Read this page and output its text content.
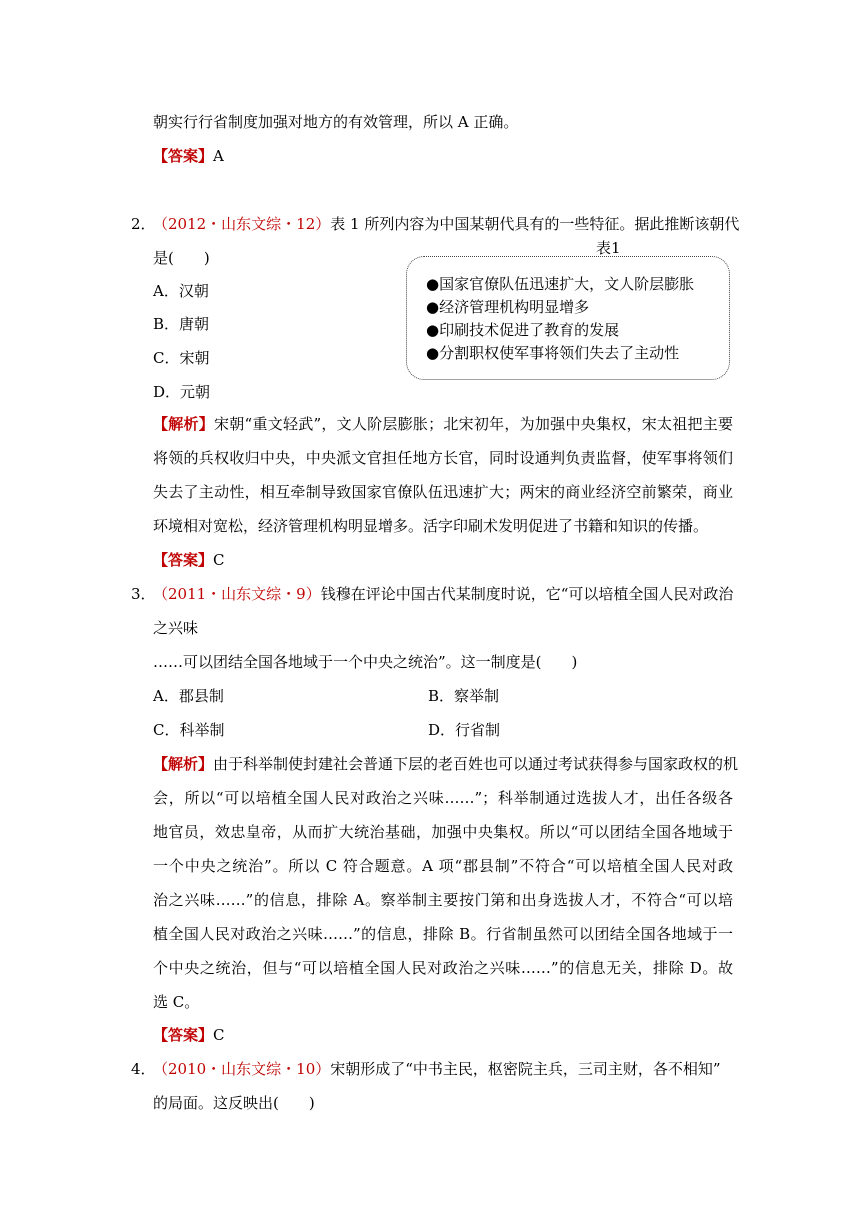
朝实行行省制度加强对地方的有效管理，所以 A 正确。
【答案】A
2．
（2012・山东文综・12）表 1 所列内容为中国某朝代具有的一些特征。据此推断该朝代
表1
是(　　)
A．汉朝
B．唐朝
C．宋朝
D．元朝
●国家官僚队伍迅速扩大，文人阶层膨胀
●经济管理机构明显增多
●印刷技术促进了教育的发展
●分割职权使军事将领们失去了主动性
【解析】宋朝“重文轻武”，文人阶层膨胀；北宋初年，为加强中央集权，宋太祖把主要
将领的兵权收归中央，中央派文官担任地方长官，同时设通判负责监督，使军事将领们
失去了主动性，相互牵制导致国家官僚队伍迅速扩大；两宋的商业经济空前繁荣，商业
环境相对宽松，经济管理机构明显增多。活字印刷术发明促进了书籍和知识的传播。
【答案】C
3．
（2011・山东文综・9）钱穆在评论中国古代某制度时说，它“可以培植全国人民对政治
之兴味
……可以团结全国各地域于一个中央之统治”。这一制度是(　　)
A．郡县制	B．察举制
C．科举制	D．行省制
【解析】由于科举制使封建社会普通下层的老百姓也可以通过考试获得参与国家政权的机
会，所以“可以培植全国人民对政治之兴味……”；科举制通过选拔人才，出任各级各
地官员，效忠皇帝，从而扩大统治基础，加强中央集权。所以“可以团结全国各地域于
一个中央之统治”。所以 C 符合题意。A 项“郡县制”不符合“可以培植全国人民对政
治之兴味……”的信息，排除 A。察举制主要按门第和出身选拔人才，不符合“可以培
植全国人民对政治之兴味……”的信息，排除 B。行省制虽然可以团结全国各地域于一
个中央之统治，但与“可以培植全国人民对政治之兴味……”的信息无关，排除 D。故
选 C。
【答案】C
4．
（2010・山东文综・10）宋朝形成了“中书主民，枢密院主兵，三司主财，各不相知”
的局面。这反映出(　　)
